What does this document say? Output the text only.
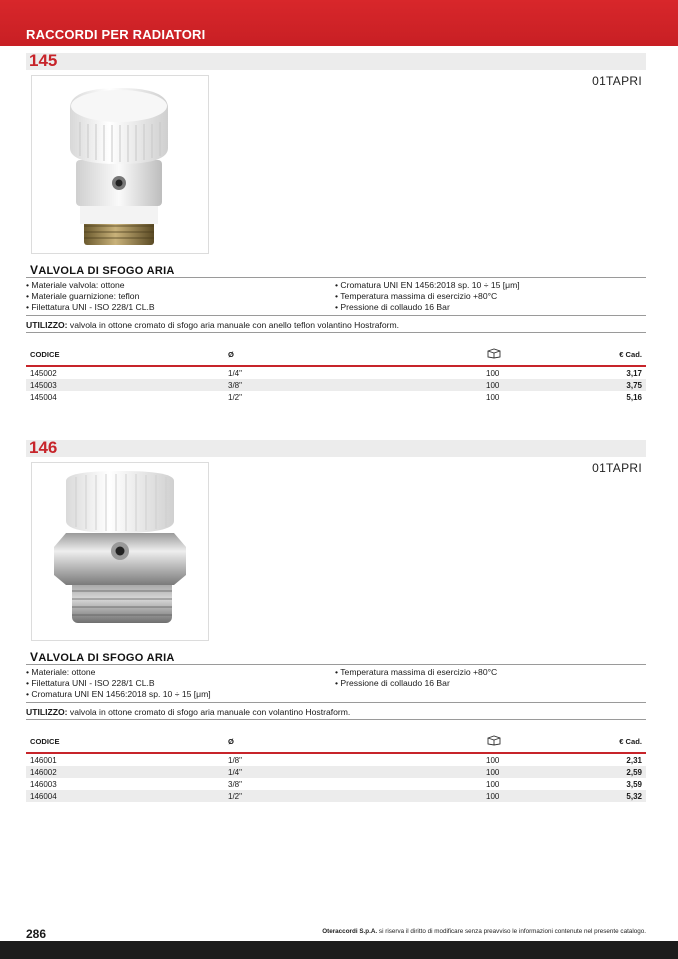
RACCORDI PER RADIATORI
145
01TAPRI
VALVOLA DI SFOGO ARIA
• Materiale valvola: ottone
• Materiale guarnizione: teflon
• Filettatura UNI - ISO 228/1 CL.B
• Cromatura UNI EN 1456:2018 sp. 10 ÷ 15 [μm]
• Temperatura massima di esercizio +80°C
• Pressione di collaudo 16 Bar
UTILIZZO: valvola in ottone cromato di sfogo aria manuale con anello teflon volantino Hostraform.
CODICE	Ø		€ Cad.
145002	1/4"	100	3,17
145003	3/8"	100	3,75
145004	1/2"	100	5,16
146
01TAPRI
VALVOLA DI SFOGO ARIA
• Materiale: ottone
• Filettatura UNI - ISO 228/1 CL.B
• Cromatura UNI EN 1456:2018 sp. 10 ÷ 15 [μm]
• Temperatura massima di esercizio +80°C
• Pressione di collaudo 16 Bar
UTILIZZO: valvola in ottone cromato di sfogo aria manuale con volantino Hostraform.
CODICE	Ø		€ Cad.
146001	1/8"	100	2,31
146002	1/4"	100	2,59
146003	3/8"	100	3,59
146004	1/2"	100	5,32
286	Oteraccordi S.p.A. si riserva il diritto di modificare senza preavviso le informazioni contenute nel presente catalogo.
